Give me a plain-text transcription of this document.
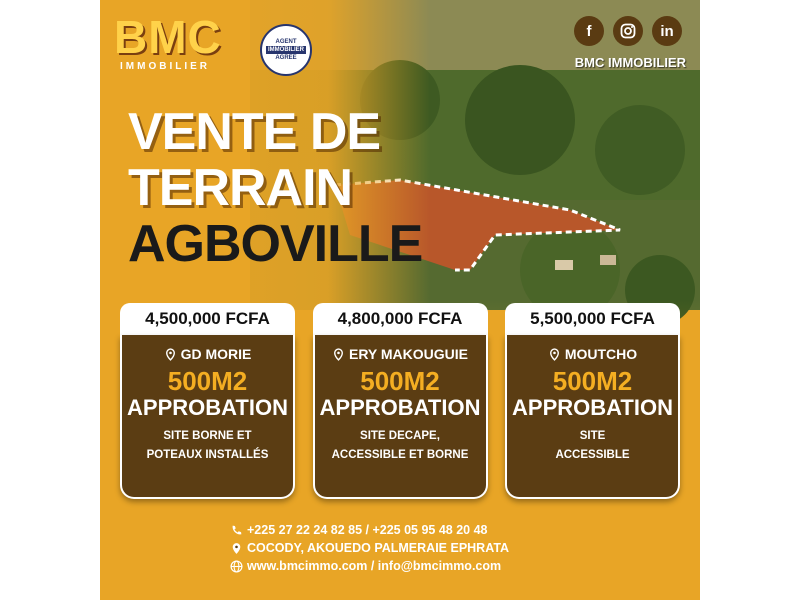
BMC
IMMOBILIER
AGENT
IMMOBILIER
AGREE
f	in
BMC IMMOBILIER
VENTE DE
TERRAIN
AGBOVILLE
4,500,000 FCFA
GD MORIE
500M2
APPROBATION
SITE BORNE ET
POTEAUX INSTALLÉS
4,800,000 FCFA
ERY MAKOUGUIE
500M2
APPROBATION
SITE DECAPE,
ACCESSIBLE ET BORNE
5,500,000 FCFA
MOUTCHO
500M2
APPROBATION
SITE
ACCESSIBLE
+225 27 22 24 82 85 / +225 05 95 48 20 48
COCODY, AKOUEDO PALMERAIE EPHRATA
www.bmcimmo.com / info@bmcimmo.com
